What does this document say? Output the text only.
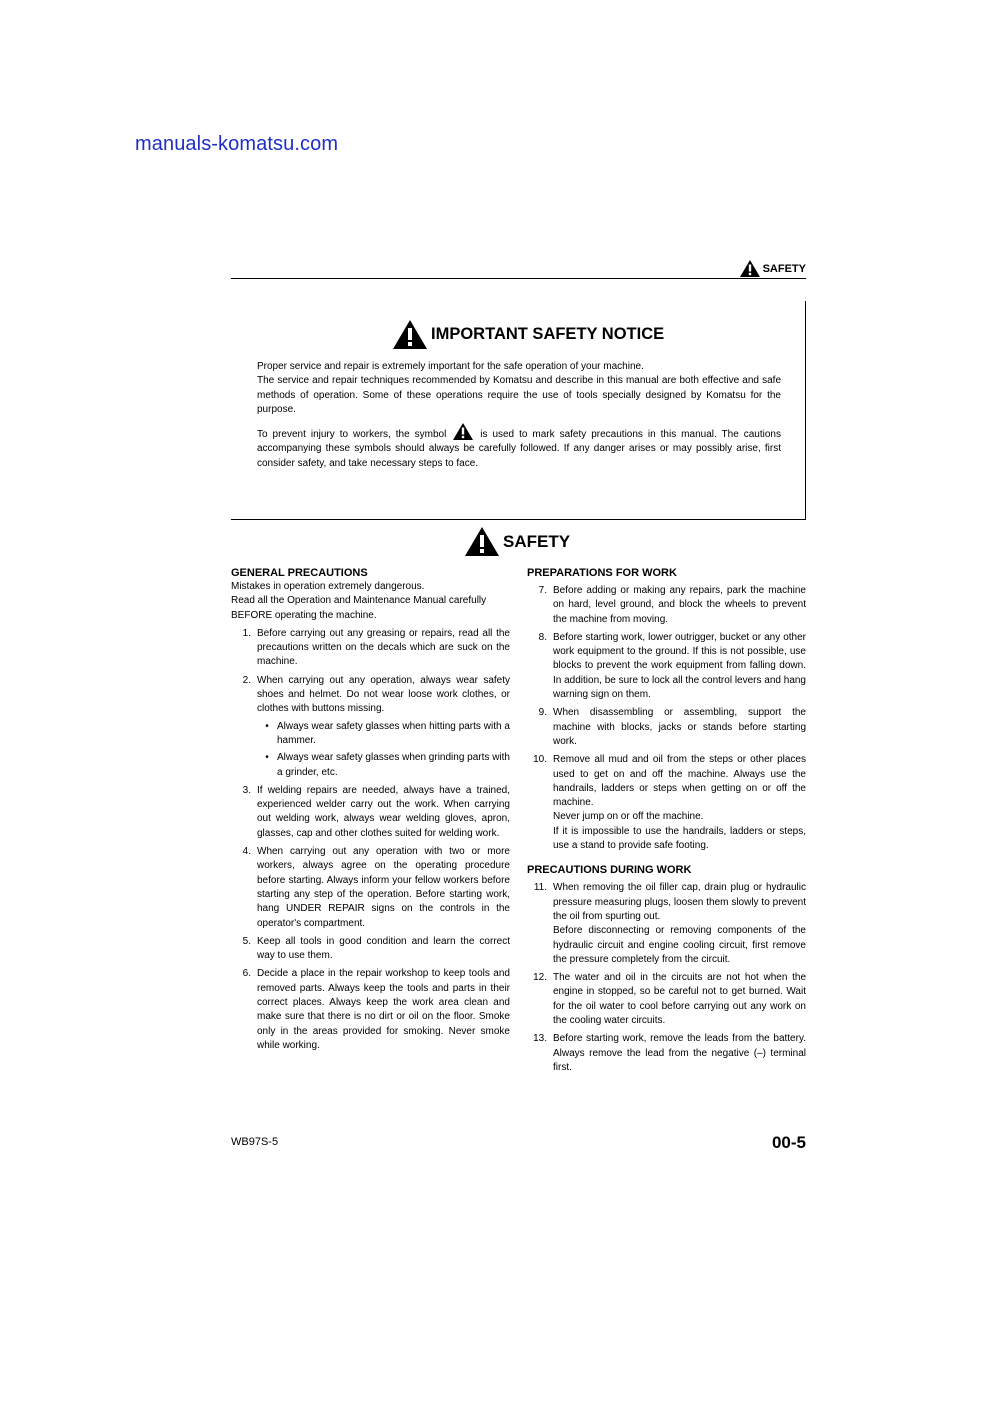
manuals-komatsu.com
SAFETY
IMPORTANT SAFETY NOTICE

Proper service and repair is extremely important for the safe operation of your machine.

The service and repair techniques recommended by Komatsu and describe in this manual are both effective and safe methods of operation. Some of these operations require the use of tools specially designed by Komatsu for the purpose.

To prevent injury to workers, the symbol	is used to mark safety precautions in this manual. The cautions accompanying these symbols should always be carefully followed. If any danger arises or may possibly arise, first consider safety, and take necessary steps to face.

SAFETY

GENERAL PRECAUTIONS

Mistakes in operation extremely dangerous.

Read all the Operation and Maintenance Manual carefully BEFORE operating the machine.

1. Before carrying out any greasing or repairs, read all the precautions written on the decals which are suck on the machine.
2. When carrying out any operation, always wear safety shoes and helmet. Do not wear loose work clothes, or clothes with buttons missing.
• Always wear safety glasses when hitting parts with a hammer.
• Always wear safety glasses when grinding parts with a grinder, etc.
3. If welding repairs are needed, always have a trained, experienced welder carry out the work. When carrying out welding work, always wear welding gloves, apron, glasses, cap and other clothes suited for welding work.
4. When carrying out any operation with two or more workers, always agree on the operating procedure before starting. Always inform your fellow workers before starting any step of the operation. Before starting work, hang UNDER REPAIR signs on the controls in the operator's compartment.
5. Keep all tools in good condition and learn the correct way to use them.
6. Decide a place in the repair workshop to keep tools and removed parts. Always keep the tools and parts in their correct places. Always keep the work area clean and make sure that there is no dirt or oil on the floor. Smoke only in the areas provided for smoking. Never smoke while working.

PREPARATIONS FOR WORK

7. Before adding or making any repairs, park the machine on hard, level ground, and block the wheels to prevent the machine from moving.
8. Before starting work, lower outrigger, bucket or any other work equipment to the ground. If this is not possible, use blocks to prevent the work equipment from falling down. In addition, be sure to lock all the control levers and hang warning sign on them.
9. When disassembling or assembling, support the machine with blocks, jacks or stands before starting work.
10. Remove all mud and oil from the steps or other places used to get on and off the machine. Always use the handrails, ladders or steps when getting on or off the machine.
Never jump on or off the machine.
If it is impossible to use the handrails, ladders or steps, use a stand to provide safe footing.

PRECAUTIONS DURING WORK

11. When removing the oil filler cap, drain plug or hydraulic pressure measuring plugs, loosen them slowly to prevent the oil from spurting out.
Before disconnecting or removing components of the hydraulic circuit and engine cooling circuit, first remove the pressure completely from the circuit.
12. The water and oil in the circuits are not hot when the engine in stopped, so be careful not to get burned. Wait for the oil water to cool before carrying out any work on the cooling water circuits.
13. Before starting work, remove the leads from the battery. Always remove the lead from the negative (–) terminal first.
WB97S-5	00-5
